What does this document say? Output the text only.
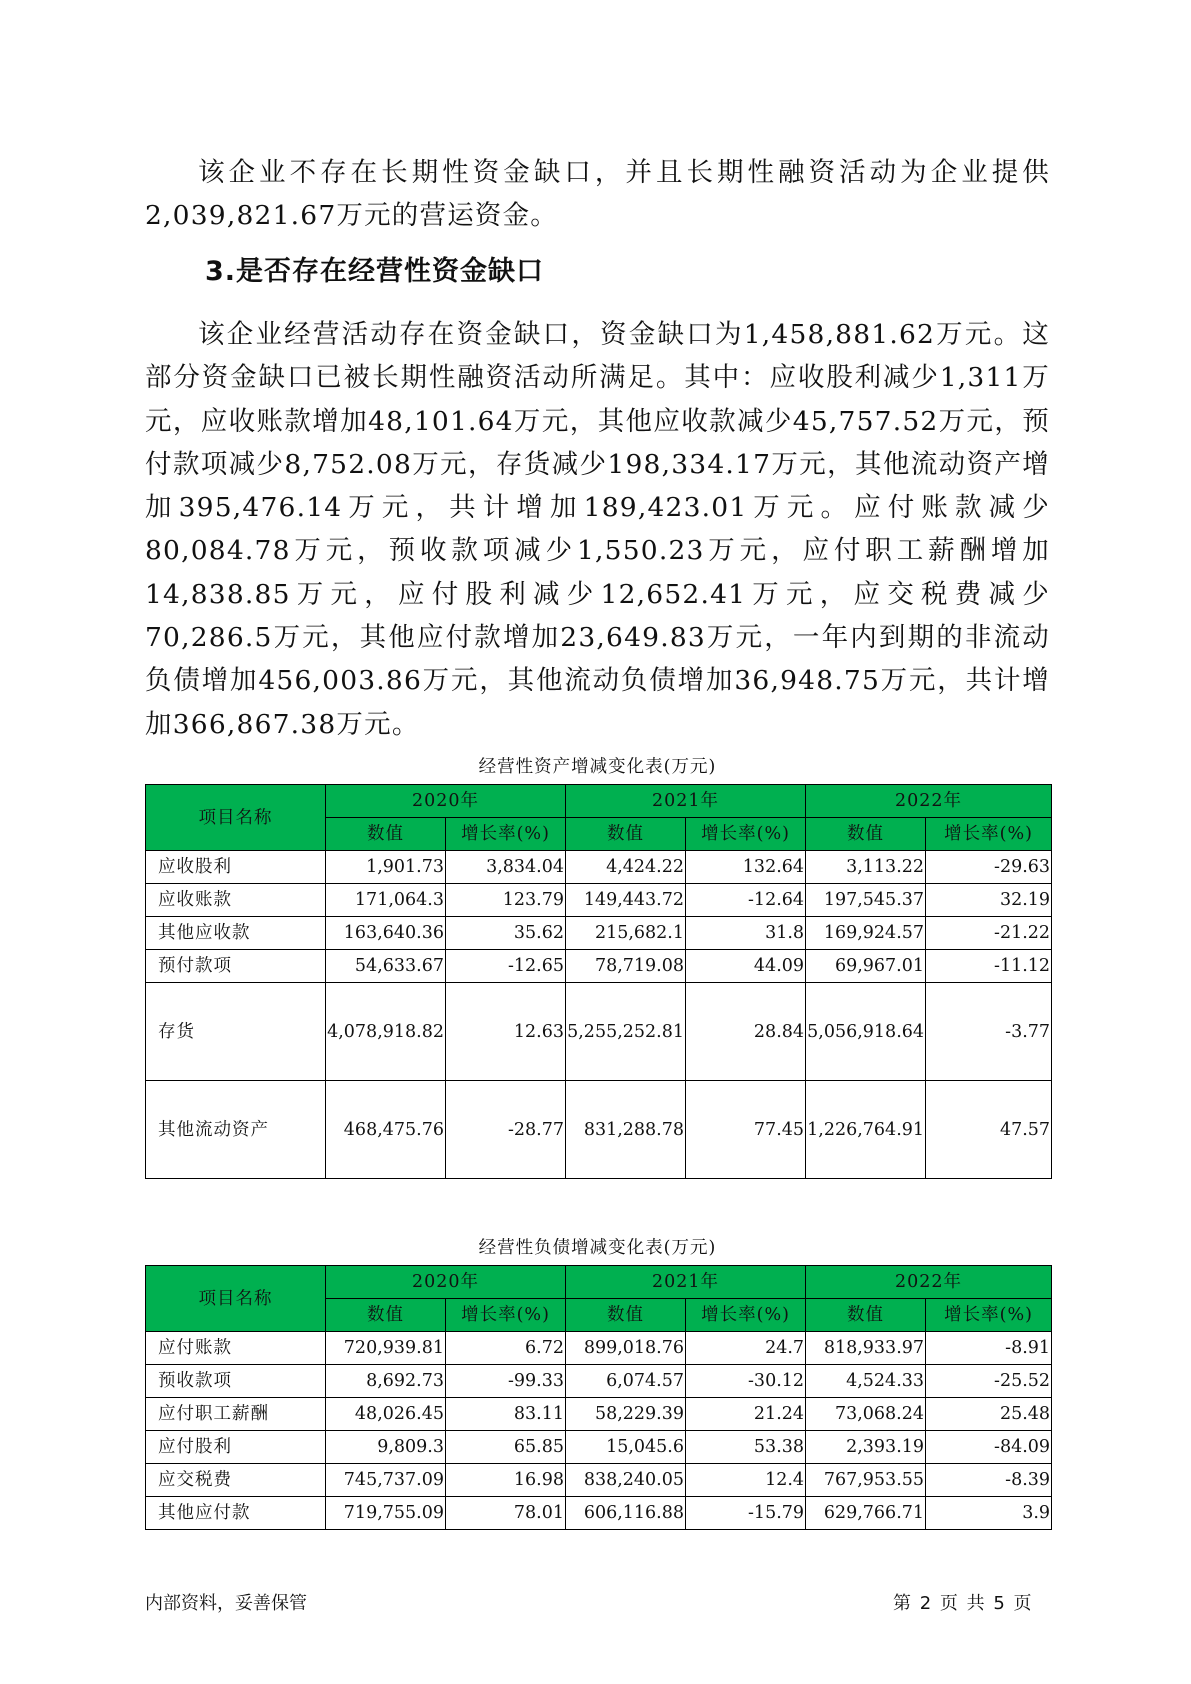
该企业不存在长期性资金缺口，并且长期性融资活动为企业提供2,039,821.67万元的营运资金。

3.是否存在经营性资金缺口

该企业经营活动存在资金缺口，资金缺口为1,458,881.62万元。这部分资金缺口已被长期性融资活动所满足。其中：应收股利减少1,311万元，应收账款增加48,101.64万元，其他应收款减少45,757.52万元，预付款项减少8,752.08万元，存货减少198,334.17万元，其他流动资产增加395,476.14万元，共计增加189,423.01万元。应付账款减少80,084.78万元，预收款项减少1,550.23万元，应付职工薪酬增加14,838.85万元，应付股利减少12,652.41万元，应交税费减少70,286.5万元，其他应付款增加23,649.83万元，一年内到期的非流动负债增加456,003.86万元，其他流动负债增加36,948.75万元，共计增加366,867.38万元。

经营性资产增减变化表(万元)
项目名称	2020年		2021年		2022年	
	数值	增长率(%)	数值	增长率(%)	数值	增长率(%)
应收股利	1,901.73	3,834.04	4,424.22	132.64	3,113.22	-29.63
应收账款	171,064.3	123.79	149,443.72	-12.64	197,545.37	32.19
其他应收款	163,640.36	35.62	215,682.1	31.8	169,924.57	-21.22
预付款项	54,633.67	-12.65	78,719.08	44.09	69,967.01	-11.12
存货	4,078,918.82	12.63	5,255,252.81	28.84	5,056,918.64	-3.77
其他流动资产	468,475.76	-28.77	831,288.78	77.45	1,226,764.91	47.57
经营性负债增减变化表(万元)
项目名称	2020年		2021年		2022年	
	数值	增长率(%)	数值	增长率(%)	数值	增长率(%)
应付账款	720,939.81	6.72	899,018.76	24.7	818,933.97	-8.91
预收款项	8,692.73	-99.33	6,074.57	-30.12	4,524.33	-25.52
应付职工薪酬	48,026.45	83.11	58,229.39	21.24	73,068.24	25.48
应付股利	9,809.3	65.85	15,045.6	53.38	2,393.19	-84.09
应交税费	745,737.09	16.98	838,240.05	12.4	767,953.55	-8.39
其他应付款	719,755.09	78.01	606,116.88	-15.79	629,766.71	3.9
内部资料，妥善保管	第 2 页 共 5 页
